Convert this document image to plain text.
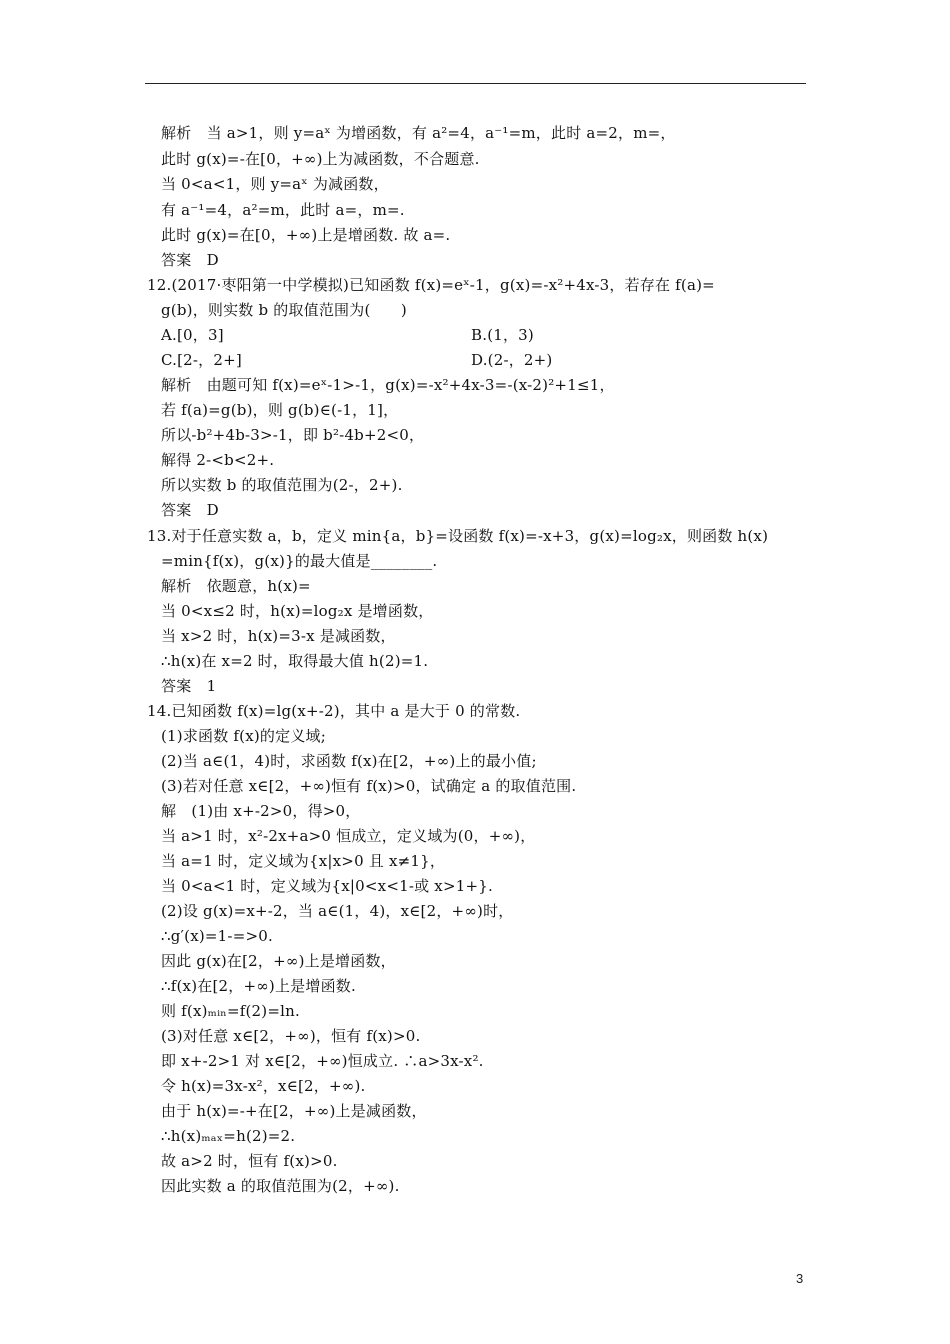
解析　当 a>1，则 y=aˣ 为增函数，有 a²=4，a⁻¹=m，此时 a=2，m=，
此时 g(x)=-在[0，+∞)上为减函数，不合题意.
当 0<a<1，则 y=aˣ 为减函数，
有 a⁻¹=4，a²=m，此时 a=，m=.
此时 g(x)=在[0，+∞)上是增函数. 故 a=.
答案　D
12.(2017·枣阳第一中学模拟)已知函数 f(x)=eˣ-1，g(x)=-x²+4x-3，若存在 f(a)=
g(b)，则实数 b 的取值范围为(　　)
A.[0，3]	B.(1，3)
C.[2-，2+]	D.(2-，2+)
解析　由题可知 f(x)=eˣ-1>-1，g(x)=-x²+4x-3=-(x-2)²+1≤1，
若 f(a)=g(b)，则 g(b)∈(-1，1]，
所以-b²+4b-3>-1，即 b²-4b+2<0，
解得 2-<b<2+.
所以实数 b 的取值范围为(2-，2+).
答案　D
13.对于任意实数 a，b，定义 min{a，b}=设函数 f(x)=-x+3，g(x)=log₂x，则函数 h(x)
=min{f(x)，g(x)}的最大值是________.
解析　依题意，h(x)=
当 0<x≤2 时，h(x)=log₂x 是增函数，
当 x>2 时，h(x)=3-x 是减函数，
∴h(x)在 x=2 时，取得最大值 h(2)=1.
答案　1
14.已知函数 f(x)=lg(x+-2)，其中 a 是大于 0 的常数.
(1)求函数 f(x)的定义域;
(2)当 a∈(1，4)时，求函数 f(x)在[2，+∞)上的最小值;
(3)若对任意 x∈[2，+∞)恒有 f(x)>0，试确定 a 的取值范围.
解　(1)由 x+-2>0，得>0，
当 a>1 时，x²-2x+a>0 恒成立，定义域为(0，+∞)，
当 a=1 时，定义域为{x|x>0 且 x≠1}，
当 0<a<1 时，定义域为{x|0<x<1-或 x>1+}.
(2)设 g(x)=x+-2，当 a∈(1，4)，x∈[2，+∞)时，
∴g′(x)=1-=>0.
因此 g(x)在[2，+∞)上是增函数，
∴f(x)在[2，+∞)上是增函数.
则 f(x)ₘᵢₙ=f(2)=ln.
(3)对任意 x∈[2，+∞)，恒有 f(x)>0.
即 x+-2>1 对 x∈[2，+∞)恒成立. ∴a>3x-x².
令 h(x)=3x-x²，x∈[2，+∞).
由于 h(x)=-+在[2，+∞)上是减函数，
∴h(x)ₘₐₓ=h(2)=2.
故 a>2 时，恒有 f(x)>0.
因此实数 a 的取值范围为(2，+∞).
3
